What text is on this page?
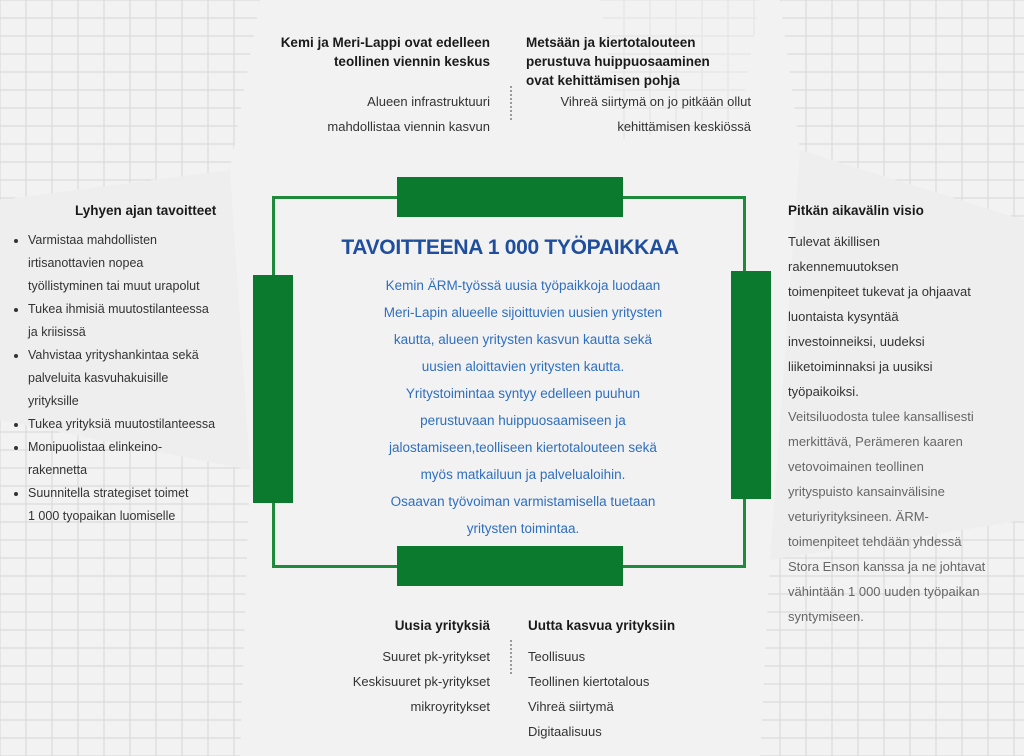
Kemi ja Meri-Lappi ovat edelleen
teollinen viennin keskus
Alueen infrastruktuuri
mahdollistaa viennin kasvun
Metsään ja kiertotalouteen
perustuva huippuosaaminen
ovat kehittämisen pohja
Vihreä siirtymä on jo pitkään ollut
kehittämisen keskiössä
Lyhyen ajan tavoitteet
• Varmistaa mahdollisten
irtisanottavien nopea
työllistyminen tai muut urapolut
• Tukea ihmisiä muutostilanteessa
ja kriisissä
• Vahvistaa yrityshankintaa sekä
palveluita kasvuhakuisille
yrityksille
• Tukea yrityksiä muutostilanteessa
• Monipuolistaa elinkeino-
rakennetta
• Suunnitella strategiset toimet
1 000 tyopaikan luomiselle
TAVOITTEENA 1 000 TYÖPAIKKAA
Kemin ÄRM-työssä uusia työpaikkoja luodaan
Meri-Lapin alueelle sijoittuvien uusien yritysten
kautta, alueen yritysten kasvun kautta sekä
uusien aloittavien yritysten kautta.
Yritystoimintaa syntyy edelleen puuhun
perustuvaan huippuosaamiseen ja
jalostamiseen,teolliseen kiertotalouteen sekä
myös matkailuun ja palvelualoihin.
Osaavan työvoiman varmistamisella tuetaan
yritysten toimintaa.
Pitkän aikavälin visio
Tulevat äkillisen
rakennemuutoksen
toimenpiteet tukevat ja ohjaavat
luontaista kysyntää
investoinneiksi, uudeksi
liiketoiminnaksi ja uusiksi
työpaikoiksi.
Veitsiluodosta tulee kansallisesti
merkittävä, Perämeren kaaren
vetovoimainen teollinen
yrityspuisto kansainvälisine
veturiyrityksineen. ÄRM-
toimenpiteet tehdään yhdessä
Stora Enson kanssa ja ne johtavat
vähintään 1 000 uuden työpaikan
syntymiseen.
Uusia yrityksiä
Suuret pk-yritykset
Keskisuuret pk-yritykset
mikroyritykset
Uutta kasvua yrityksiin
Teollisuus
Teollinen kiertotalous
Vihreä siirtymä
Digitaalisuus
